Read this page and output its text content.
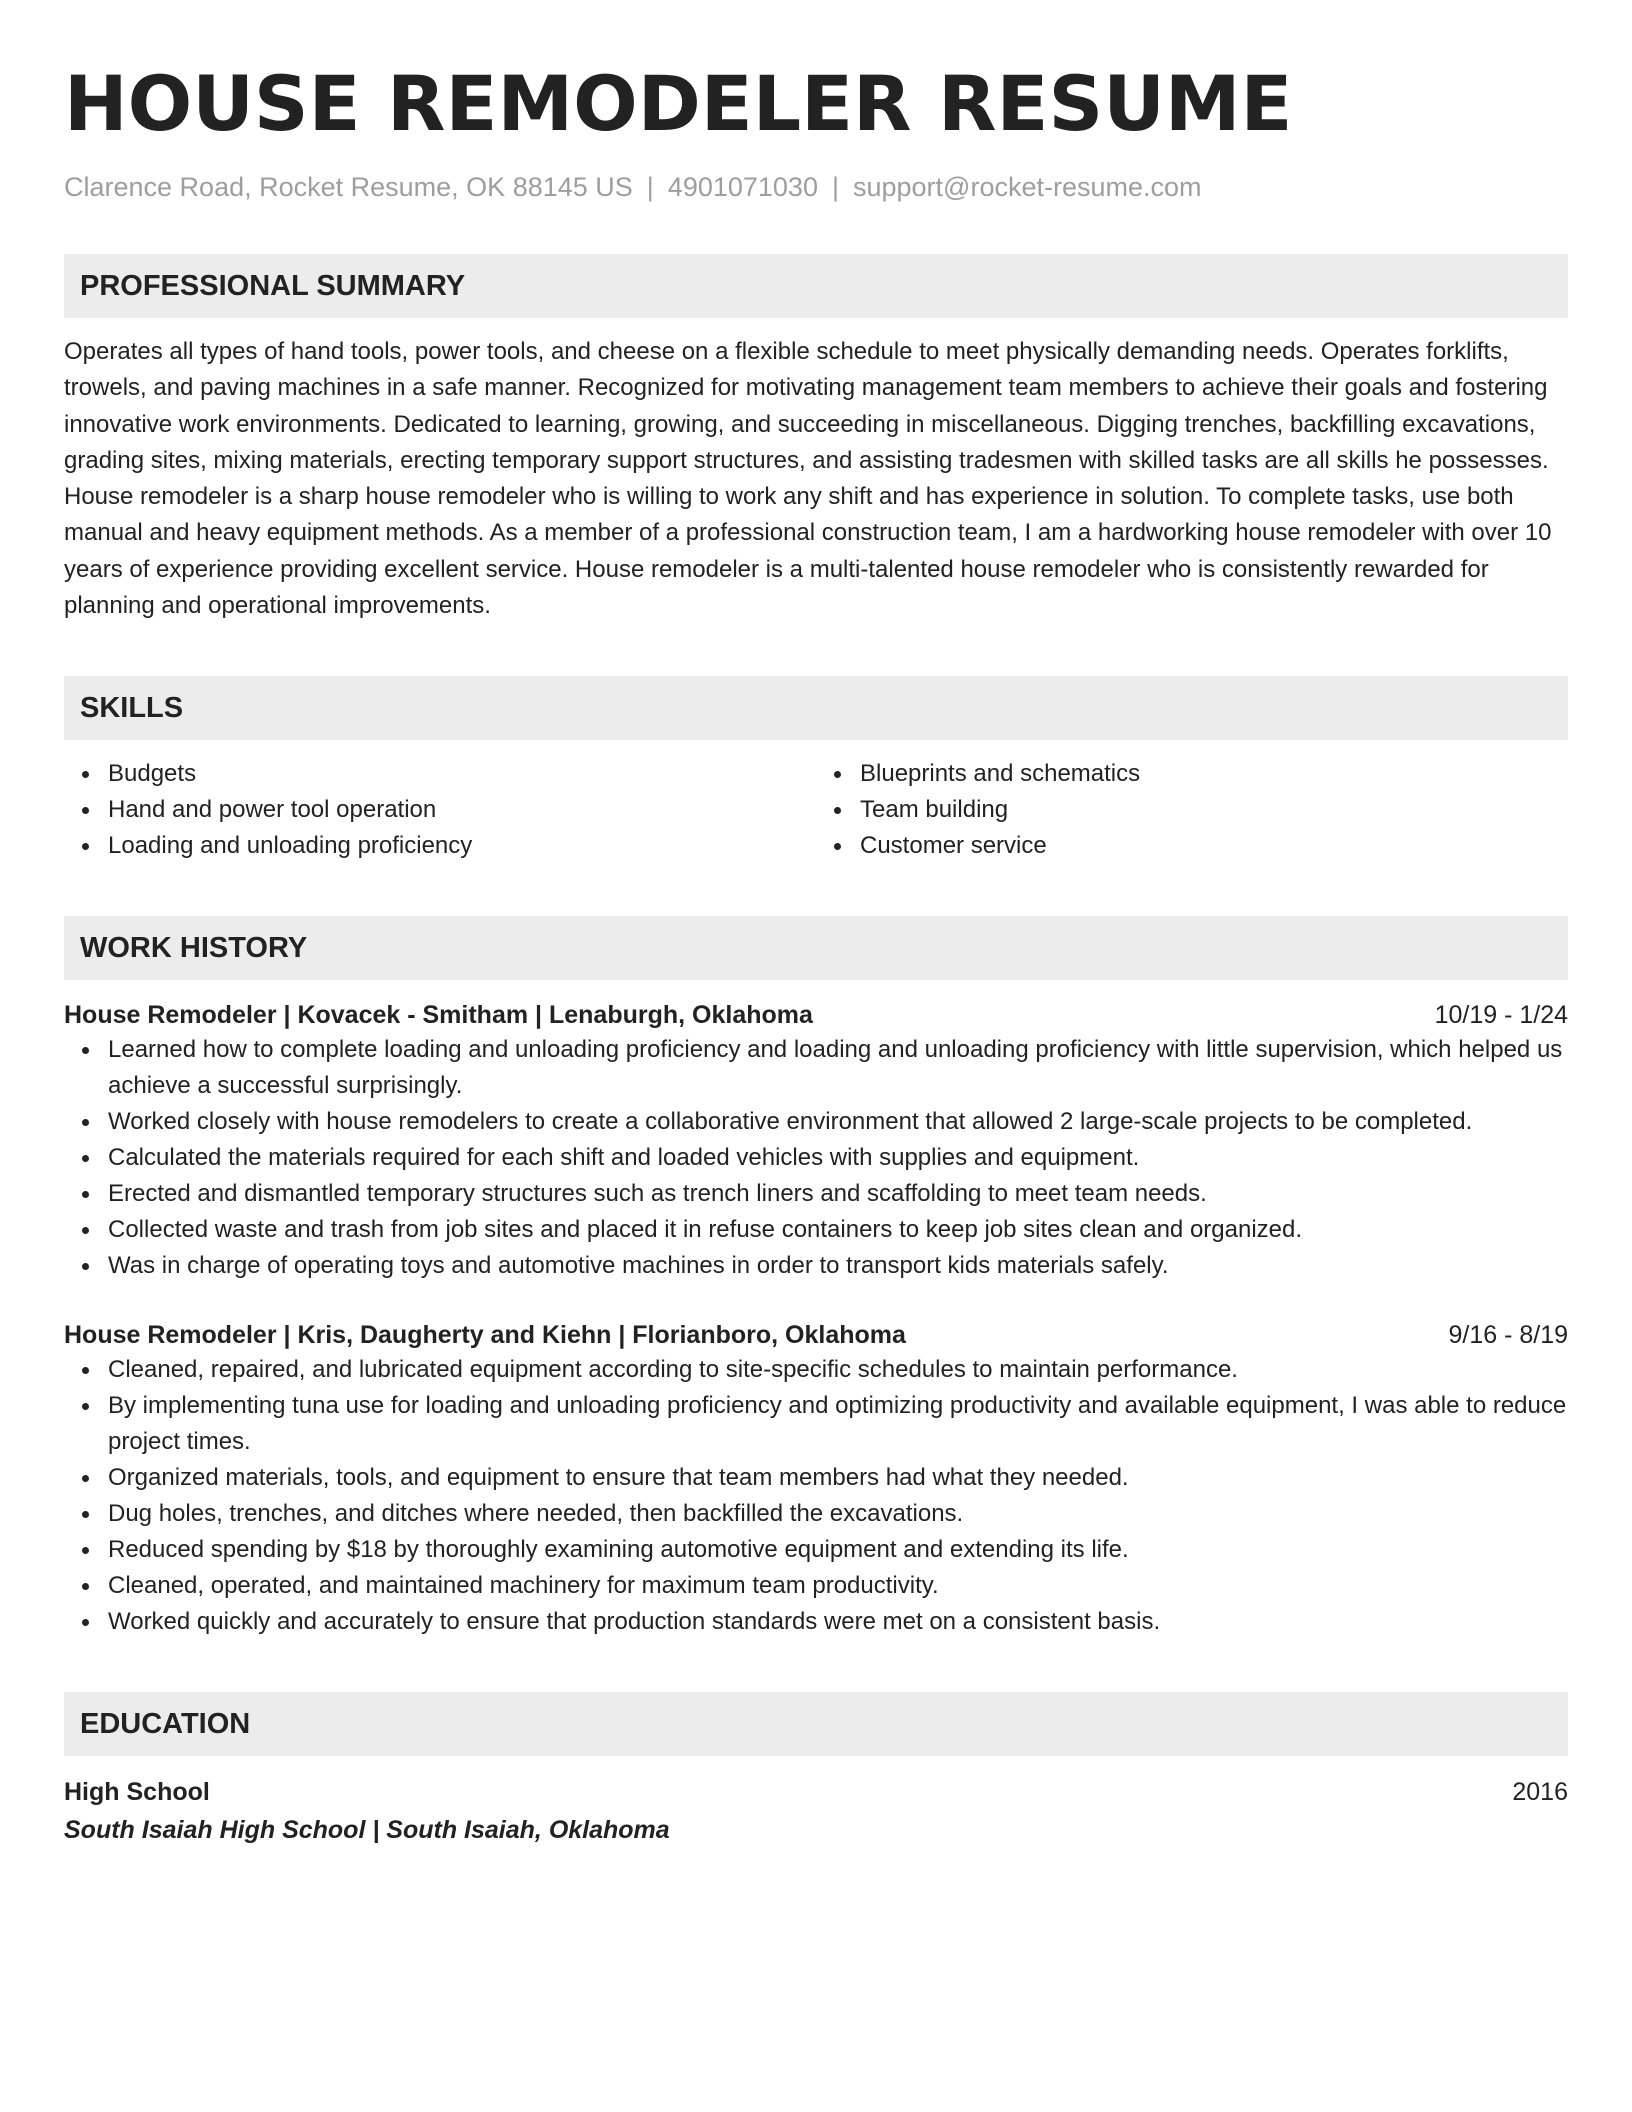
HOUSE REMODELER RESUME
Clarence Road, Rocket Resume, OK 88145 US | 4901071030 | support@rocket-resume.com
PROFESSIONAL SUMMARY
Operates all types of hand tools, power tools, and cheese on a flexible schedule to meet physically demanding needs. Operates forklifts, trowels, and paving machines in a safe manner. Recognized for motivating management team members to achieve their goals and fostering innovative work environments. Dedicated to learning, growing, and succeeding in miscellaneous. Digging trenches, backfilling excavations, grading sites, mixing materials, erecting temporary support structures, and assisting tradesmen with skilled tasks are all skills he possesses. House remodeler is a sharp house remodeler who is willing to work any shift and has experience in solution. To complete tasks, use both manual and heavy equipment methods. As a member of a professional construction team, I am a hardworking house remodeler with over 10 years of experience providing excellent service. House remodeler is a multi-talented house remodeler who is consistently rewarded for planning and operational improvements.
SKILLS
Budgets
Hand and power tool operation
Loading and unloading proficiency
Blueprints and schematics
Team building
Customer service
WORK HISTORY
House Remodeler | Kovacek - Smitham | Lenaburgh, Oklahoma	10/19 - 1/24
Learned how to complete loading and unloading proficiency and loading and unloading proficiency with little supervision, which helped us achieve a successful surprisingly.
Worked closely with house remodelers to create a collaborative environment that allowed 2 large-scale projects to be completed.
Calculated the materials required for each shift and loaded vehicles with supplies and equipment.
Erected and dismantled temporary structures such as trench liners and scaffolding to meet team needs.
Collected waste and trash from job sites and placed it in refuse containers to keep job sites clean and organized.
Was in charge of operating toys and automotive machines in order to transport kids materials safely.
House Remodeler | Kris, Daugherty and Kiehn | Florianboro, Oklahoma	9/16 - 8/19
Cleaned, repaired, and lubricated equipment according to site-specific schedules to maintain performance.
By implementing tuna use for loading and unloading proficiency and optimizing productivity and available equipment, I was able to reduce project times.
Organized materials, tools, and equipment to ensure that team members had what they needed.
Dug holes, trenches, and ditches where needed, then backfilled the excavations.
Reduced spending by $18 by thoroughly examining automotive equipment and extending its life.
Cleaned, operated, and maintained machinery for maximum team productivity.
Worked quickly and accurately to ensure that production standards were met on a consistent basis.
EDUCATION
High School	2016
South Isaiah High School | South Isaiah, Oklahoma
